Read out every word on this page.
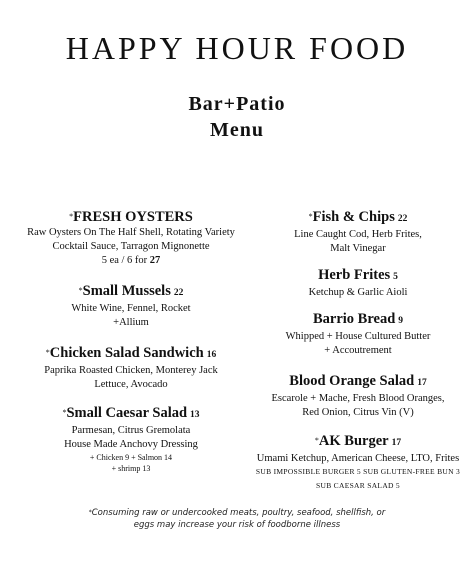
HAPPY HOUR FOOD
Bar+Patio
Menu
*FRESH OYSTERS
Raw Oysters On The Half Shell, Rotating Variety
Cocktail Sauce, Tarragon Mignonette
5 ea / 6 for 27
*Small Mussels 22
White Wine, Fennel, Rocket
+Allium
*Chicken Salad Sandwich 16
Paprika Roasted Chicken, Monterey Jack
Lettuce, Avocado
*Small Caesar Salad 13
Parmesan, Citrus Gremolata
House Made Anchovy Dressing
+ Chicken 9 + Salmon 14
+ shrimp 13
*Fish & Chips 22
Line Caught Cod, Herb Frites,
Malt Vinegar
Herb Frites 5
Ketchup & Garlic Aioli
Barrio Bread 9
Whipped + House Cultured Butter
+ Accoutrement
Blood Orange Salad 17
Escarole + Mache, Fresh Blood Oranges,
Red Onion, Citrus Vin (V)
*AK Burger 17
Umami Ketchup, American Cheese, LTO, Frites
SUB IMPOSSIBLE BURGER 5 SUB GLUTEN-FREE BUN 3
SUB CAESAR SALAD 5
*Consuming raw or undercooked meats, poultry, seafood, shellfish, or
eggs may increase your risk of foodborne illness
